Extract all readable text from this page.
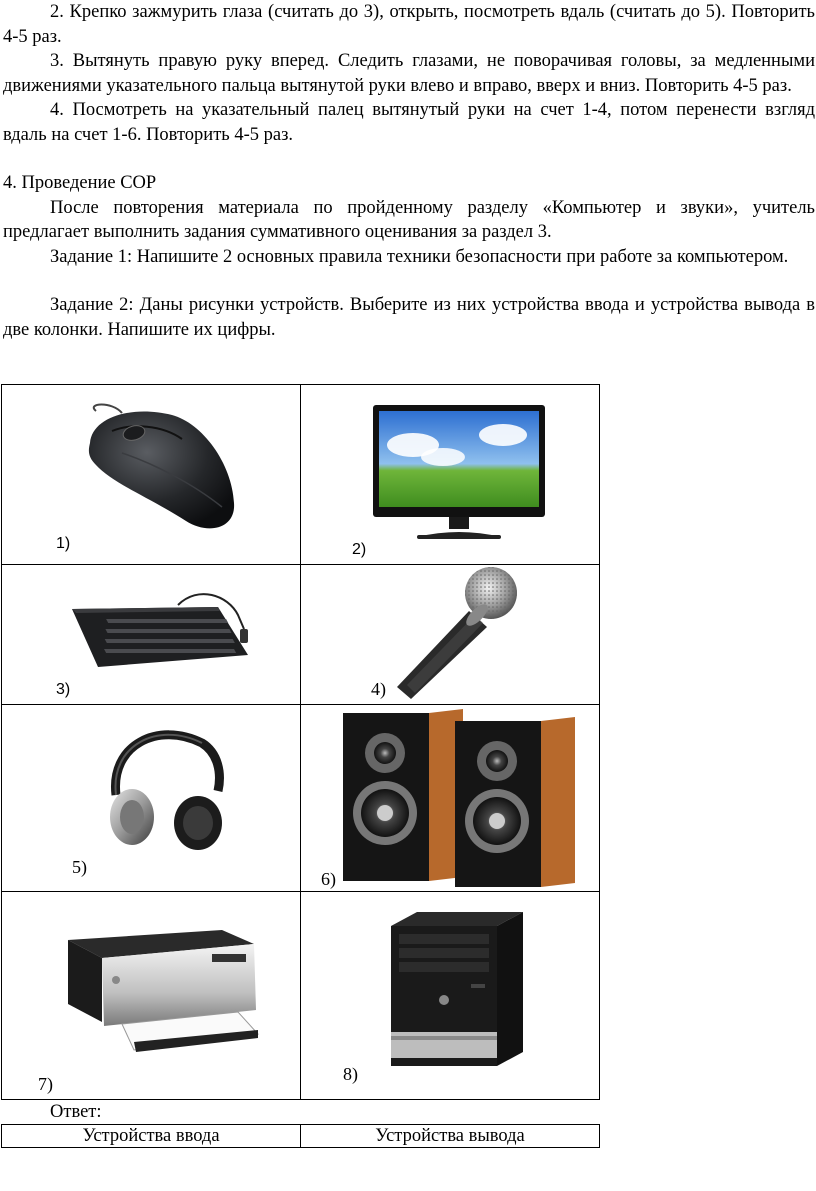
2. Крепко зажмурить глаза (считать до 3), открыть, посмотреть вдаль (считать до 5). Повторить 4-5 раз.

3. Вытянуть правую руку вперед. Следить глазами, не поворачивая головы, за медленными движениями указательного пальца вытянутой руки влево и вправо, вверх и вниз. Повторить 4-5 раз.

4. Посмотреть на указательный палец вытянутый руки на счет 1-4, потом перенести взгляд вдаль на счет 1-6. Повторить 4-5 раз.

4. Проведение СОР

После повторения материала по пройденному разделу «Компьютер и звуки», учитель предлагает выполнить задания суммативного оценивания за раздел 3.

Задание 1: Напишите 2 основных правила техники безопасности при работе за компьютером.

Задание 2: Даны рисунки устройств. Выберите из них устройства ввода и устройства вывода в две колонки. Напишите их цифры.

1)	2)

3)	4)

5)	6)

7)	8)
Ответ:
Устройства ввода	Устройства вывода
